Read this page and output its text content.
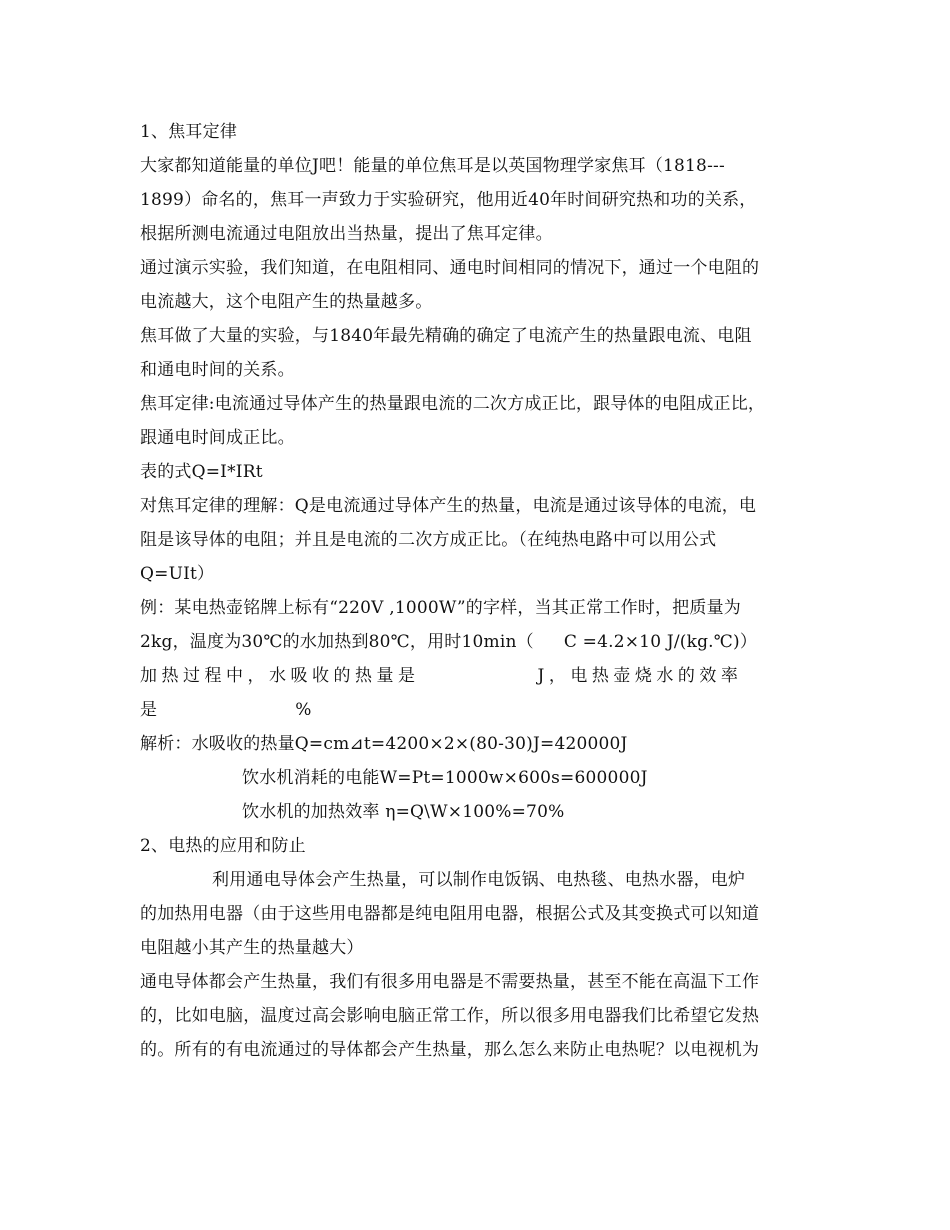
1、焦耳定律
大家都知道能量的单位J吧！能量的单位焦耳是以英国物理学家焦耳（1818---
1899）命名的，焦耳一声致力于实验研究，他用近40年时间研究热和功的关系，
根据所测电流通过电阻放出当热量，提出了焦耳定律。
通过演示实验，我们知道，在电阻相同、通电时间相同的情况下，通过一个电阻的
电流越大，这个电阻产生的热量越多。
焦耳做了大量的实验，与1840年最先精确的确定了电流产生的热量跟电流、电阻
和通电时间的关系。
焦耳定律:电流通过导体产生的热量跟电流的二次方成正比，跟导体的电阻成正比，
跟通电时间成正比。
表的式Q=I*IRt
对焦耳定律的理解：Q是电流通过导体产生的热量，电流是通过该导体的电流，电
阻是该导体的电阻；并且是电流的二次方成正比。（在纯热电路中可以用公式
Q=UIt）
例：某电热壶铭牌上标有“220V ,1000W”的字样，当其正常工作时，把质量为
2kg，温度为30℃的水加热到80℃，用时10min（ C =4.2×10 J/(kg.℃)）
加热过程中，水吸收的热量是	J，电热壶烧水的效率
是	%
解析：水吸收的热量Q=cm⊿t=4200×2×(80-30)J=420000J
饮水机消耗的电能W=Pt=1000w×600s=600000J
饮水机的加热效率 η=Q\W×100%=70%
2、电热的应用和防止
利用通电导体会产生热量，可以制作电饭锅、电热毯、电热水器，电炉
的加热用电器（由于这些用电器都是纯电阻用电器，根据公式及其变换式可以知道
电阻越小其产生的热量越大）
通电导体都会产生热量，我们有很多用电器是不需要热量，甚至不能在高温下工作
的，比如电脑，温度过高会影响电脑正常工作，所以很多用电器我们比希望它发热
的。所有的有电流通过的导体都会产生热量，那么怎么来防止电热呢？以电视机为
